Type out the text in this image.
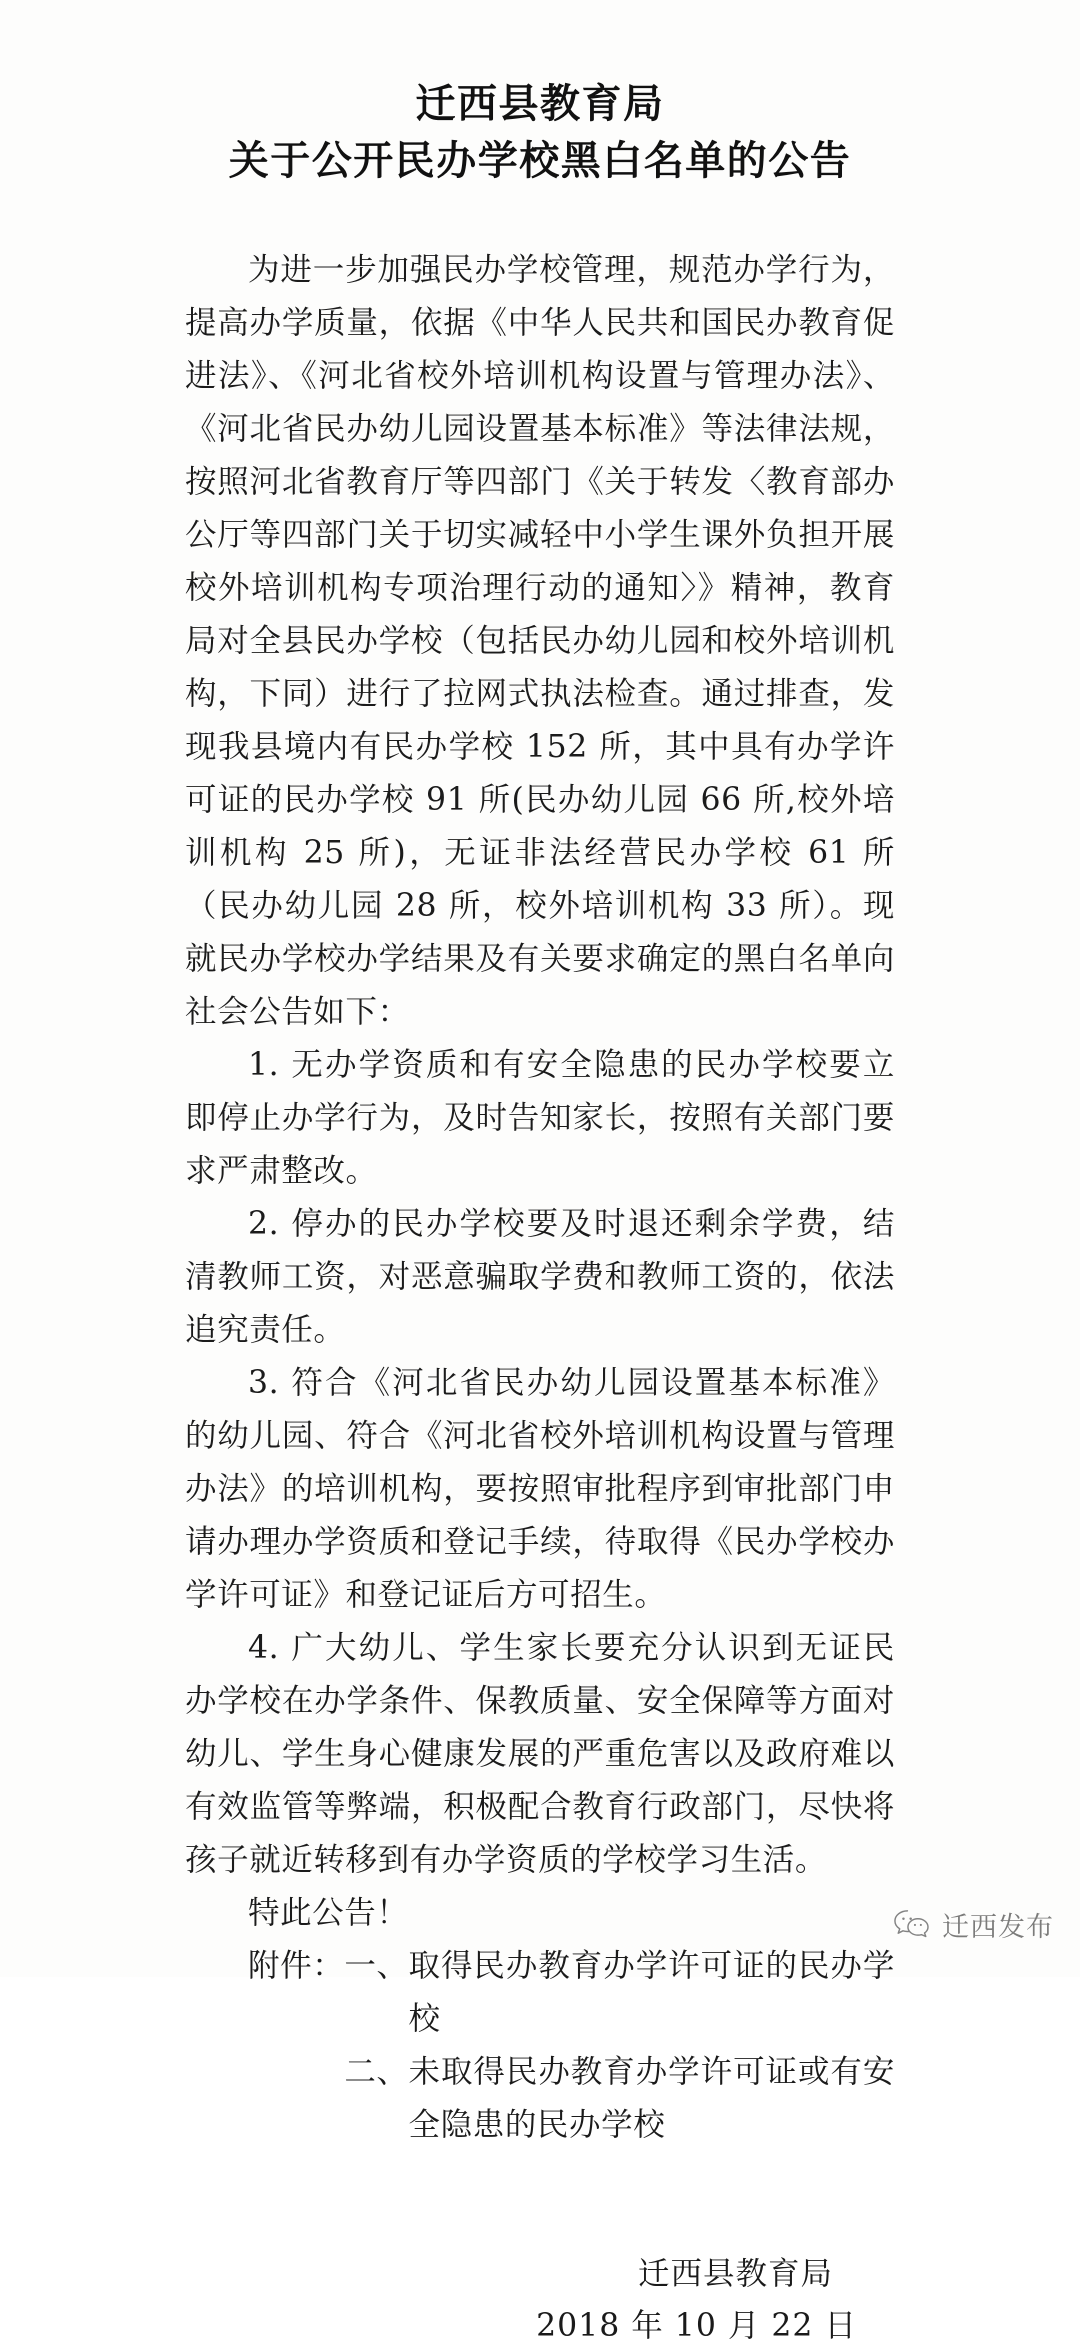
迁西县教育局
关于公开民办学校黑白名单的公告

为进一步加强民办学校管理，规范办学行为，提高办学质量，依据《中华人民共和国民办教育促进法》、《河北省校外培训机构设置与管理办法》、《河北省民办幼儿园设置基本标准》等法律法规，按照河北省教育厅等四部门《关于转发〈教育部办公厅等四部门关于切实减轻中小学生课外负担开展校外培训机构专项治理行动的通知〉》精神，教育局对全县民办学校（包括民办幼儿园和校外培训机构，下同）进行了拉网式执法检查。通过排查，发现我县境内有民办学校 152 所，其中具有办学许可证的民办学校 91 所(民办幼儿园 66 所,校外培训机构 25 所)，无证非法经营民办学校 61 所（民办幼儿园 28 所，校外培训机构 33 所）。现就民办学校办学结果及有关要求确定的黑白名单向社会公告如下：

1. 无办学资质和有安全隐患的民办学校要立即停止办学行为，及时告知家长，按照有关部门要求严肃整改。

2. 停办的民办学校要及时退还剩余学费，结清教师工资，对恶意骗取学费和教师工资的，依法追究责任。

3. 符合《河北省民办幼儿园设置基本标准》的幼儿园、符合《河北省校外培训机构设置与管理办法》的培训机构，要按照审批程序到审批部门申请办理办学资质和登记手续，待取得《民办学校办学许可证》和登记证后方可招生。

4. 广大幼儿、学生家长要充分认识到无证民办学校在办学条件、保教质量、安全保障等方面对幼儿、学生身心健康发展的严重危害以及政府难以有效监管等弊端，积极配合教育行政部门，尽快将孩子就近转移到有办学资质的学校学习生活。

特此公告！

附件： 一、 取得民办教育办学许可证的民办学校
二、 未取得民办教育办学许可证或有安全隐患的民办学校
迁西县教育局
2018 年 10 月 22 日
迁西发布
